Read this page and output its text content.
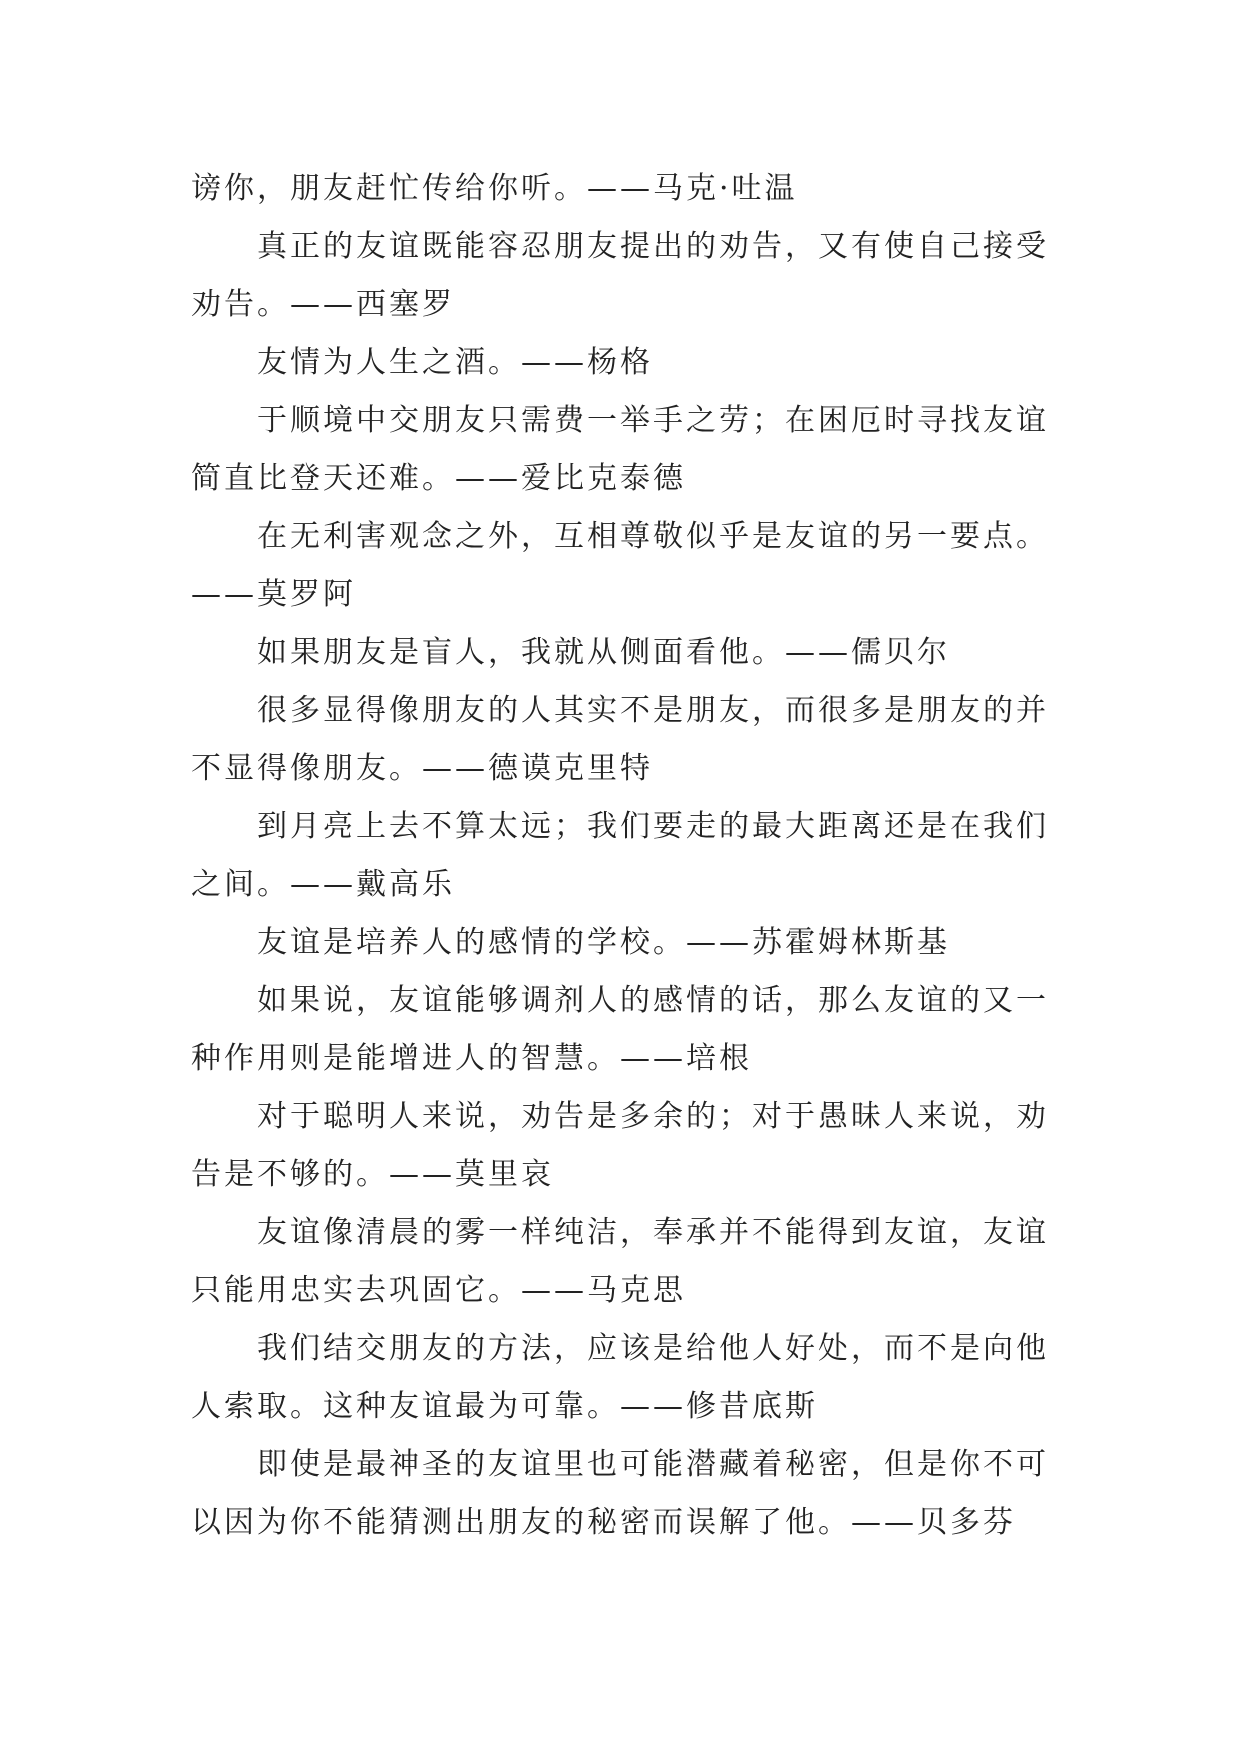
谤你，朋友赶忙传给你听。——马克·吐温
真正的友谊既能容忍朋友提出的劝告，又有使自己接受
劝告。——西塞罗
友情为人生之酒。——杨格
于顺境中交朋友只需费一举手之劳；在困厄时寻找友谊
简直比登天还难。——爱比克泰德
在无利害观念之外，互相尊敬似乎是友谊的另一要点。
——莫罗阿
如果朋友是盲人，我就从侧面看他。——儒贝尔
很多显得像朋友的人其实不是朋友，而很多是朋友的并
不显得像朋友。——德谟克里特
到月亮上去不算太远；我们要走的最大距离还是在我们
之间。——戴高乐
友谊是培养人的感情的学校。——苏霍姆林斯基
如果说，友谊能够调剂人的感情的话，那么友谊的又一
种作用则是能增进人的智慧。——培根
对于聪明人来说，劝告是多余的；对于愚昧人来说，劝
告是不够的。——莫里哀
友谊像清晨的雾一样纯洁，奉承并不能得到友谊，友谊
只能用忠实去巩固它。——马克思
我们结交朋友的方法，应该是给他人好处，而不是向他
人索取。这种友谊最为可靠。——修昔底斯
即使是最神圣的友谊里也可能潜藏着秘密，但是你不可
以因为你不能猜测出朋友的秘密而误解了他。——贝多芬
